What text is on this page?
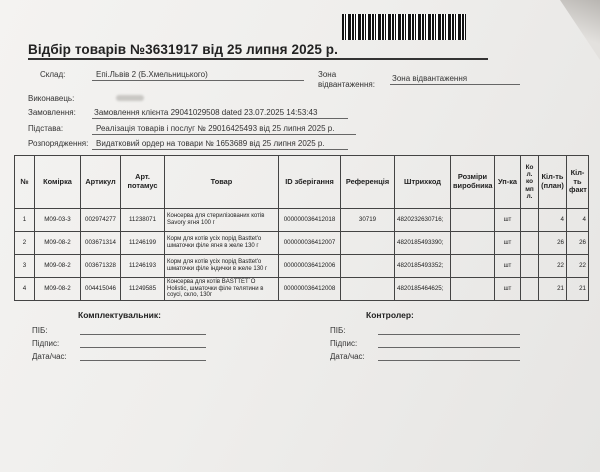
Відбір товарів №3631917 від 25 липня 2025 р.
Склад:	Епі.Львів 2 (Б.Хмельницького)	Зона відвантаження:
Зона відвантаження
Виконавець:
Замовлення: Замовлення клієнта 29041029508 dated 23.07.2025 14:53:43
Підстава:	Реалізація товарів і послуг № 29016425493 від 25 липня 2025 р.
Розпорядження: Видатковий ордер на товари № 1653689 від 25 липня 2025 р.
№	Комірка	Артикул	Арт. потамус	Товар	ID зберігання	Референція	Штрихкод	Розміри виробника	Уп-ка	Ко л. ко мп л.	Кіл-ть (план)	Кіл-ть факт
1	M09-03-3	002974277	11238071	Консерва для стерилізованих котів Savory ягня 100 г	000000036412018	30719	4820232630716;		шт		4	4
2	M09-08-2	003671314	11246199	Корм для котів усіх порід Basttet'o шматочки філе ягня в желе 130 г	000000036412007		4820185493390;		шт		26	26
3	M09-08-2	003671328	11246193	Корм для котів усіх порід Basttet'o шматочки філе індички в желе 130 г	000000036412006		4820185493352;		шт		22	22
4	M09-08-2	004415046	11249585	Консерва для котів BASTTET`O Holistic, шматочки філе телятини в соусі, скло, 130г	000000036412008		4820185464625;		шт		21	21
Комплектувальник:
ПІБ:
Підпис:
Дата/час:
Контролер:
ПІБ:
Підпис:
Дата/час:
